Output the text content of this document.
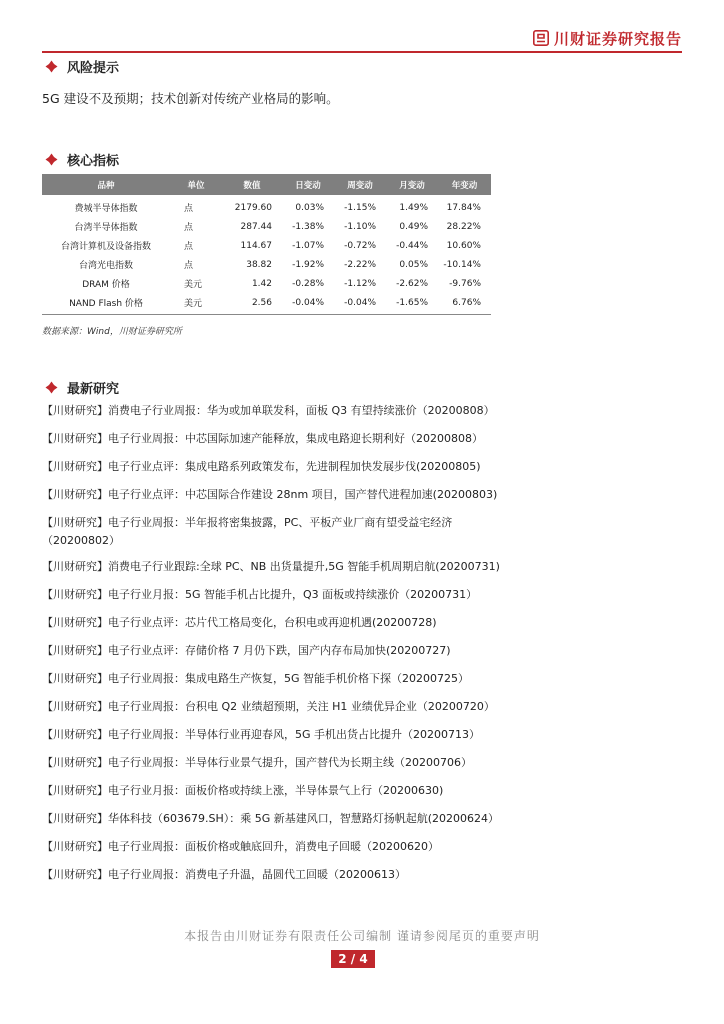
川财证券研究报告
风险提示
5G 建设不及预期；技术创新对传统产业格局的影响。
核心指标
品种	单位	数值	日变动	周变动	月变动	年变动
费城半导体指数	点	2179.60	0.03%	-1.15%	1.49%	17.84%
台湾半导体指数	点	287.44	-1.38%	-1.10%	0.49%	28.22%
台湾计算机及设备指数	点	114.67	-1.07%	-0.72%	-0.44%	10.60%
台湾光电指数	点	38.82	-1.92%	-2.22%	0.05%	-10.14%
DRAM 价格	美元	1.42	-0.28%	-1.12%	-2.62%	-9.76%
NAND Flash 价格	美元	2.56	-0.04%	-0.04%	-1.65%	6.76%
数据来源：Wind，川财证券研究所
最新研究
【川财研究】消费电子行业周报：华为或加单联发科，面板 Q3 有望持续涨价（20200808）
【川财研究】电子行业周报：中芯国际加速产能释放，集成电路迎长期利好（20200808）
【川财研究】电子行业点评：集成电路系列政策发布，先进制程加快发展步伐(20200805)
【川财研究】电子行业点评：中芯国际合作建设 28nm 项目，国产替代进程加速(20200803)
【川财研究】电子行业周报：半年报将密集披露，PC、平板产业厂商有望受益宅经济（20200802）
【川财研究】消费电子行业跟踪:全球 PC、NB 出货量提升,5G 智能手机周期启航(20200731)
【川财研究】电子行业月报：5G 智能手机占比提升，Q3 面板或持续涨价（20200731）
【川财研究】电子行业点评：芯片代工格局变化，台积电或再迎机遇(20200728)
【川财研究】电子行业点评：存储价格 7 月仍下跌，国产内存布局加快(20200727)
【川财研究】电子行业周报：集成电路生产恢复，5G 智能手机价格下探（20200725）
【川财研究】电子行业周报：台积电 Q2 业绩超预期，关注 H1 业绩优异企业（20200720）
【川财研究】电子行业周报：半导体行业再迎春风，5G 手机出货占比提升（20200713）
【川财研究】电子行业周报：半导体行业景气提升，国产替代为长期主线（20200706）
【川财研究】电子行业月报：面板价格或持续上涨，半导体景气上行（20200630)
【川财研究】华体科技（603679.SH）：乘 5G 新基建风口，智慧路灯扬帆起航(20200624）
【川财研究】电子行业周报：面板价格或触底回升，消费电子回暖（20200620）
【川财研究】电子行业周报：消费电子升温，晶圆代工回暖（20200613）
本报告由川财证券有限责任公司编制 谨请参阅尾页的重要声明
2 / 4
